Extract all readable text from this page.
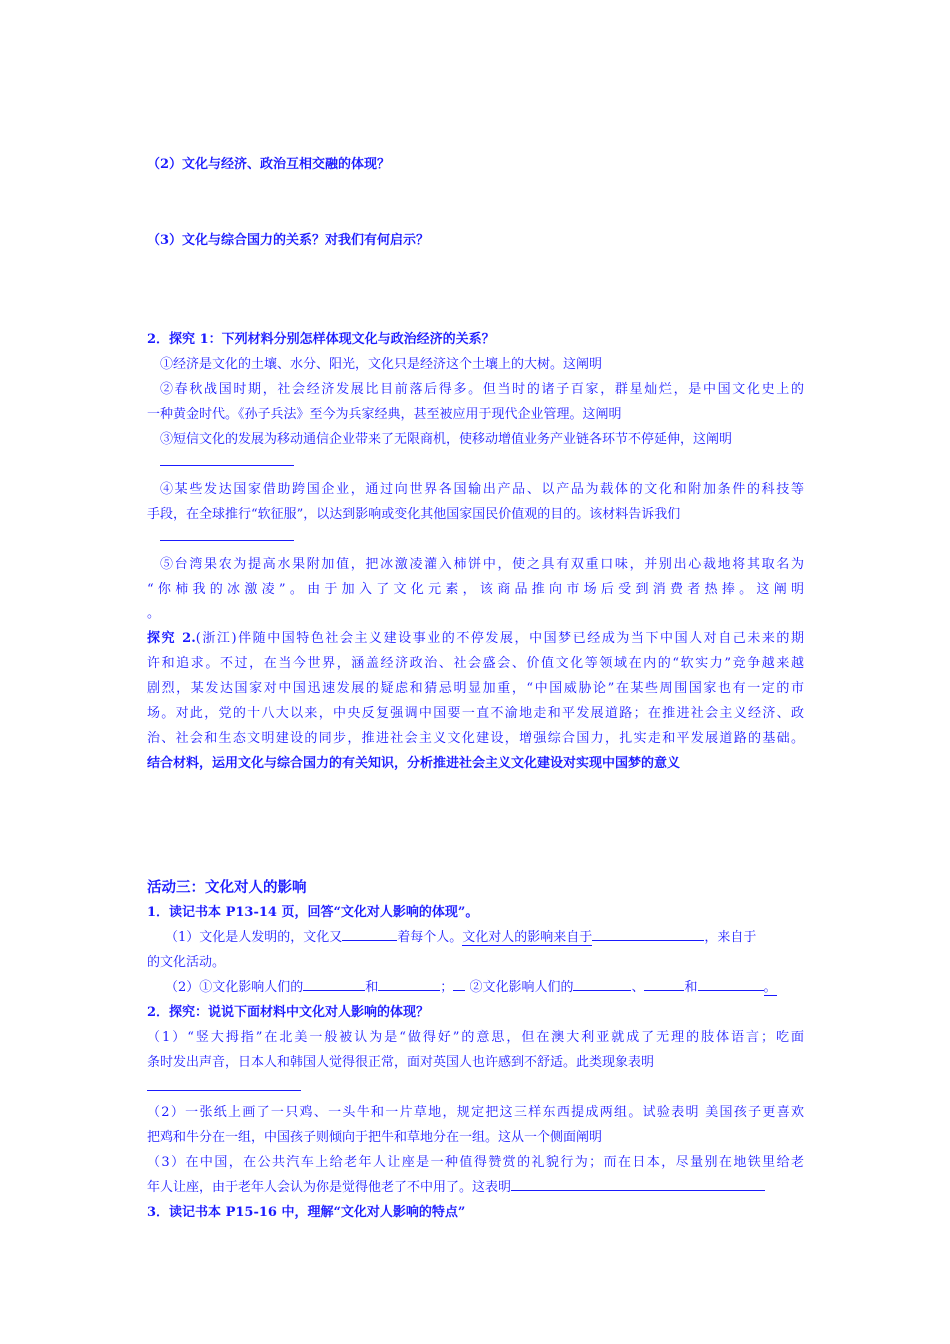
（2）文化与经济、政治互相交融的体现？
（3）文化与综合国力的关系？对我们有何启示？
2．探究 1：下列材料分别怎样体现文化与政治经济的关系？
①经济是文化的土壤、水分、阳光，文化只是经济这个土壤上的大树。这阐明
②春秋战国时期，社会经济发展比目前落后得多。但当时的诸子百家，群星灿烂，是中国文化史上的
一种黄金时代。《孙子兵法》至今为兵家经典，甚至被应用于现代企业管理。这阐明
③短信文化的发展为移动通信企业带来了无限商机，使移动增值业务产业链各环节不停延伸，这阐明
④某些发达国家借助跨国企业，通过向世界各国输出产品、以产品为载体的文化和附加条件的科技等
手段，在全球推行“软征服”，以达到影响或变化其他国家国民价值观的目的。该材料告诉我们
⑤台湾果农为提高水果附加值，把冰激凌灌入柿饼中，使之具有双重口味，并别出心裁地将其取名为
“你柿我的冰激凌”。由于加入了文化元素，该商品推向市场后受到消费者热捧。这阐明
。
探究 2.(浙江)伴随中国特色社会主义建设事业的不停发展，中国梦已经成为当下中国人对自己未来的期
许和追求。不过，在当今世界，涵盖经济政治、社会盛会、价值文化等领域在内的“软实力”竞争越来越
剧烈，某发达国家对中国迅速发展的疑虑和猜忌明显加重，“中国威胁论”在某些周围国家也有一定的市
场。对此，党的十八大以来，中央反复强调中国要一直不渝地走和平发展道路；在推进社会主义经济、政
治、社会和生态文明建设的同步，推进社会主义文化建设，增强综合国力，扎实走和平发展道路的基础。
结合材料，运用文化与综合国力的有关知识，分析推进社会主义文化建设对实现中国梦的意义
活动三：文化对人的影响
1．读记书本 P13-14 页，回答“文化对人影响的体现”。
（1）文化是人发明的，文化又	着每个人。文化对人的影响来自于	，来自于
的文化活动。
（2）①文化影响人们的	和	； ②文化影响人们的	、	和	。
2．探究：说说下面材料中文化对人影响的体现？
（1）“竖大拇指”在北美一般被认为是“做得好”的意思，但在澳大利亚就成了无理的肢体语言；吃面
条时发出声音，日本人和韩国人觉得很正常，面对英国人也许感到不舒适。此类现象表明
（2）一张纸上画了一只鸡、一头牛和一片草地，规定把这三样东西提成两组。试验表明 美国孩子更喜欢
把鸡和牛分在一组，中国孩子则倾向于把牛和草地分在一组。这从一个侧面阐明
（3）在中国，在公共汽车上给老年人让座是一种值得赞赏的礼貌行为；而在日本，尽量别在地铁里给老
年人让座，由于老年人会认为你是觉得他老了不中用了。这表明
3．读记书本 P15-16 中，理解“文化对人影响的特点”
